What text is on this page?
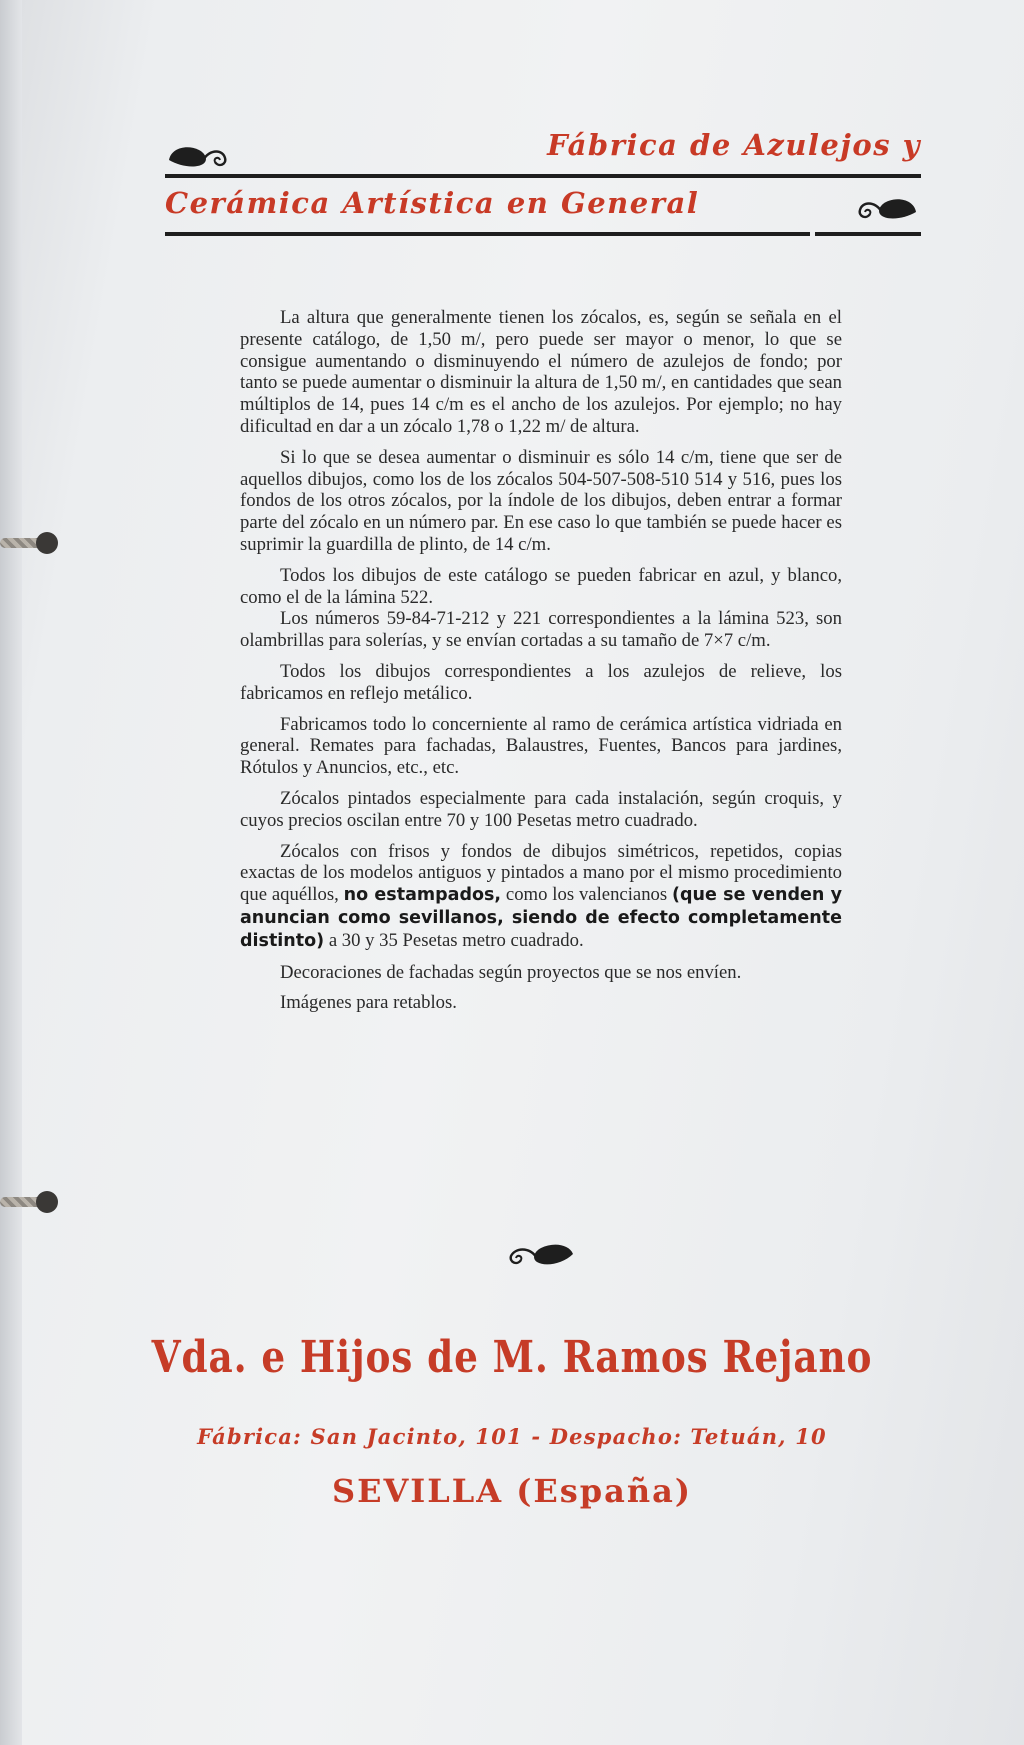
Fábrica de Azulejos y
Cerámica Artística en General

La altura que generalmente tienen los zócalos, es, según se señala en el presente catálogo, de 1,50 m/, pero puede ser mayor o menor, lo que se consigue aumentando o disminuyendo el número de azulejos de fondo; por tanto se puede aumentar o disminuir la altura de 1,50 m/, en cantidades que sean múltiplos de 14, pues 14 c/m es el ancho de los azulejos. Por ejemplo; no hay dificultad en dar a un zócalo 1,78 o 1,22 m/ de altura.

Si lo que se desea aumentar o disminuir es sólo 14 c/m, tiene que ser de aquellos dibujos, como los de los zócalos 504-507-508-510 514 y 516, pues los fondos de los otros zócalos, por la índole de los dibujos, deben entrar a formar parte del zócalo en un número par. En ese caso lo que también se puede hacer es suprimir la guardilla de plinto, de 14 c/m.

Todos los dibujos de este catálogo se pueden fabricar en azul, y blanco, como el de la lámina 522.

Los números 59-84-71-212 y 221 correspondientes a la lámina 523, son olambrillas para solerías, y se envían cortadas a su tamaño de 7×7 c/m.

Todos los dibujos correspondientes a los azulejos de relieve, los fabricamos en reflejo metálico.

Fabricamos todo lo concerniente al ramo de cerámica artística vidriada en general. Remates para fachadas, Balaustres, Fuentes, Bancos para jardines, Rótulos y Anuncios, etc., etc.

Zócalos pintados especialmente para cada instalación, según croquis, y cuyos precios oscilan entre 70 y 100 Pesetas metro cuadrado.

Zócalos con frisos y fondos de dibujos simétricos, repetidos, copias exactas de los modelos antiguos y pintados a mano por el mismo procedimiento que aquéllos, no estampados, como los valencianos (que se venden y anuncian como sevillanos, siendo de efecto completamente distinto) a 30 y 35 Pesetas metro cuadrado.

Decoraciones de fachadas según proyectos que se nos envíen.

Imágenes para retablos.

Vda. e Hijos de M. Ramos Rejano
Fábrica: San Jacinto, 101 - Despacho: Tetuán, 10
SEVILLA (España)
